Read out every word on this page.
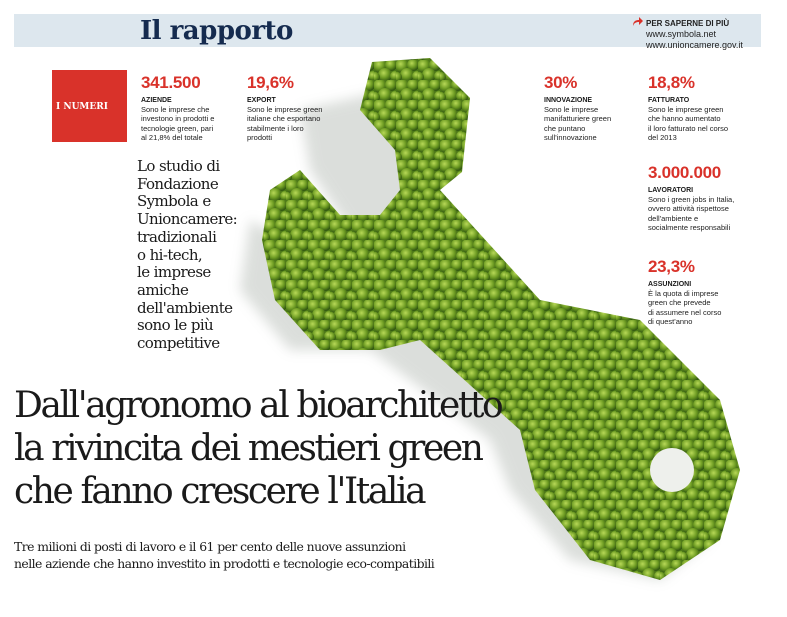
Il rapporto	PER SAPERNE DI PIÙ
www.symbola.net
www.unioncamere.gov.it
I NUMERI
341.500
AZIENDE
Sono le imprese che
investono in prodotti e
tecnologie green, pari
al 21,8% del totale
19,6%
EXPORT
Sono le imprese green
italiane che esportano
stabilmente i loro
prodotti
30%
INNOVAZIONE
Sono le imprese
manifatturiere green
che puntano
sull'innovazione
18,8%
FATTURATO
Sono le imprese green
che hanno aumentato
il loro fatturato nel corso
del 2013
3.000.000
LAVORATORI
Sono i green jobs in Italia,
ovvero attività rispettose
dell'ambiente e
socialmente responsabili
23,3%
ASSUNZIONI
È la quota di imprese
green che prevede
di assumere nel corso
di quest'anno
Lo studio di
Fondazione
Symbola e
Unioncamere:
tradizionali
o hi-tech,
le imprese
amiche
dell'ambiente
sono le più
competitive
Dall'agronomo al bioarchitetto
la rivincita dei mestieri green
che fanno crescere l'Italia
Tre milioni di posti di lavoro e il 61 per cento delle nuove assunzioni
nelle aziende che hanno investito in prodotti e tecnologie eco-compatibili
